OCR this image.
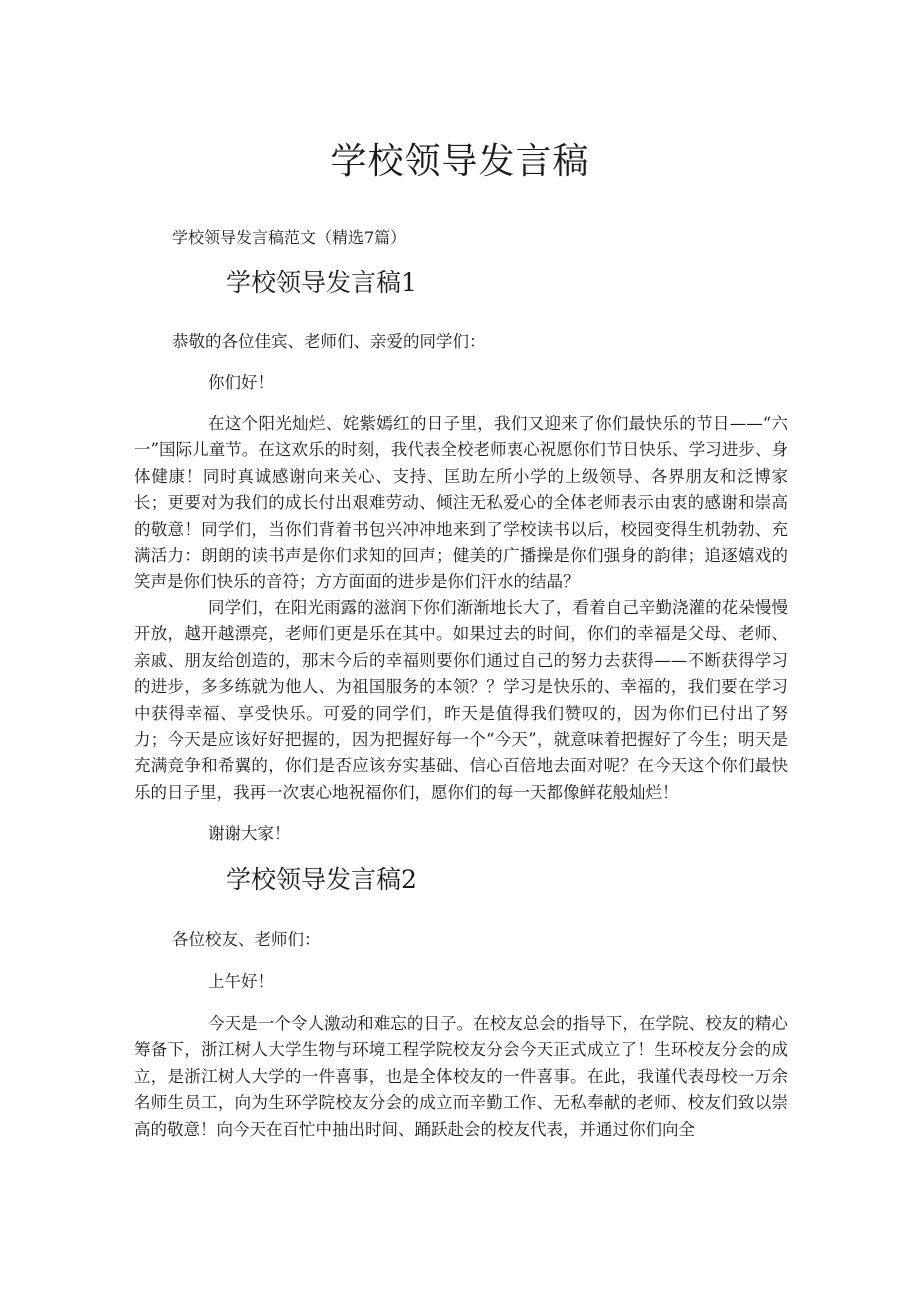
学校领导发言稿

学校领导发言稿范文（精选7篇）

学校领导发言稿1

恭敬的各位佳宾、老师们、亲爱的同学们：

你们好！

在这个阳光灿烂、姹紫嫣红的日子里，我们又迎来了你们最快乐的节日——“六一”国际儿童节。在这欢乐的时刻，我代表全校老师衷心祝愿你们节日快乐、学习进步、身体健康！同时真诚感谢向来关心、支持、匡助左所小学的上级领导、各界朋友和泛博家长；更要对为我们的成长付出艰难劳动、倾注无私爱心的全体老师表示由衷的感谢和崇高的敬意！同学们，当你们背着书包兴冲冲地来到了学校读书以后，校园变得生机勃勃、充满活力：朗朗的读书声是你们求知的回声；健美的广播操是你们强身的韵律；追逐嬉戏的笑声是你们快乐的音符；方方面面的进步是你们汗水的结晶？

同学们，在阳光雨露的滋润下你们渐渐地长大了，看着自己辛勤浇灌的花朵慢慢开放，越开越漂亮，老师们更是乐在其中。如果过去的时间，你们的幸福是父母、老师、亲戚、朋友给创造的，那末今后的幸福则要你们通过自己的努力去获得——不断获得学习的进步，多多练就为他人、为祖国服务的本领？？学习是快乐的、幸福的，我们要在学习中获得幸福、享受快乐。可爱的同学们，昨天是值得我们赞叹的，因为你们已付出了努力；今天是应该好好把握的，因为把握好每一个“今天”，就意味着把握好了今生；明天是充满竞争和希翼的，你们是否应该夯实基础、信心百倍地去面对呢？在今天这个你们最快乐的日子里，我再一次衷心地祝福你们，愿你们的每一天都像鲜花般灿烂！

谢谢大家！

学校领导发言稿2

各位校友、老师们：

上午好！

今天是一个令人激动和难忘的日子。在校友总会的指导下，在学院、校友的精心筹备下，浙江树人大学生物与环境工程学院校友分会今天正式成立了！生环校友分会的成立，是浙江树人大学的一件喜事，也是全体校友的一件喜事。在此，我谨代表母校一万余名师生员工，向为生环学院校友分会的成立而辛勤工作、无私奉献的老师、校友们致以崇高的敬意！向今天在百忙中抽出时间、踊跃赴会的校友代表，并通过你们向全
